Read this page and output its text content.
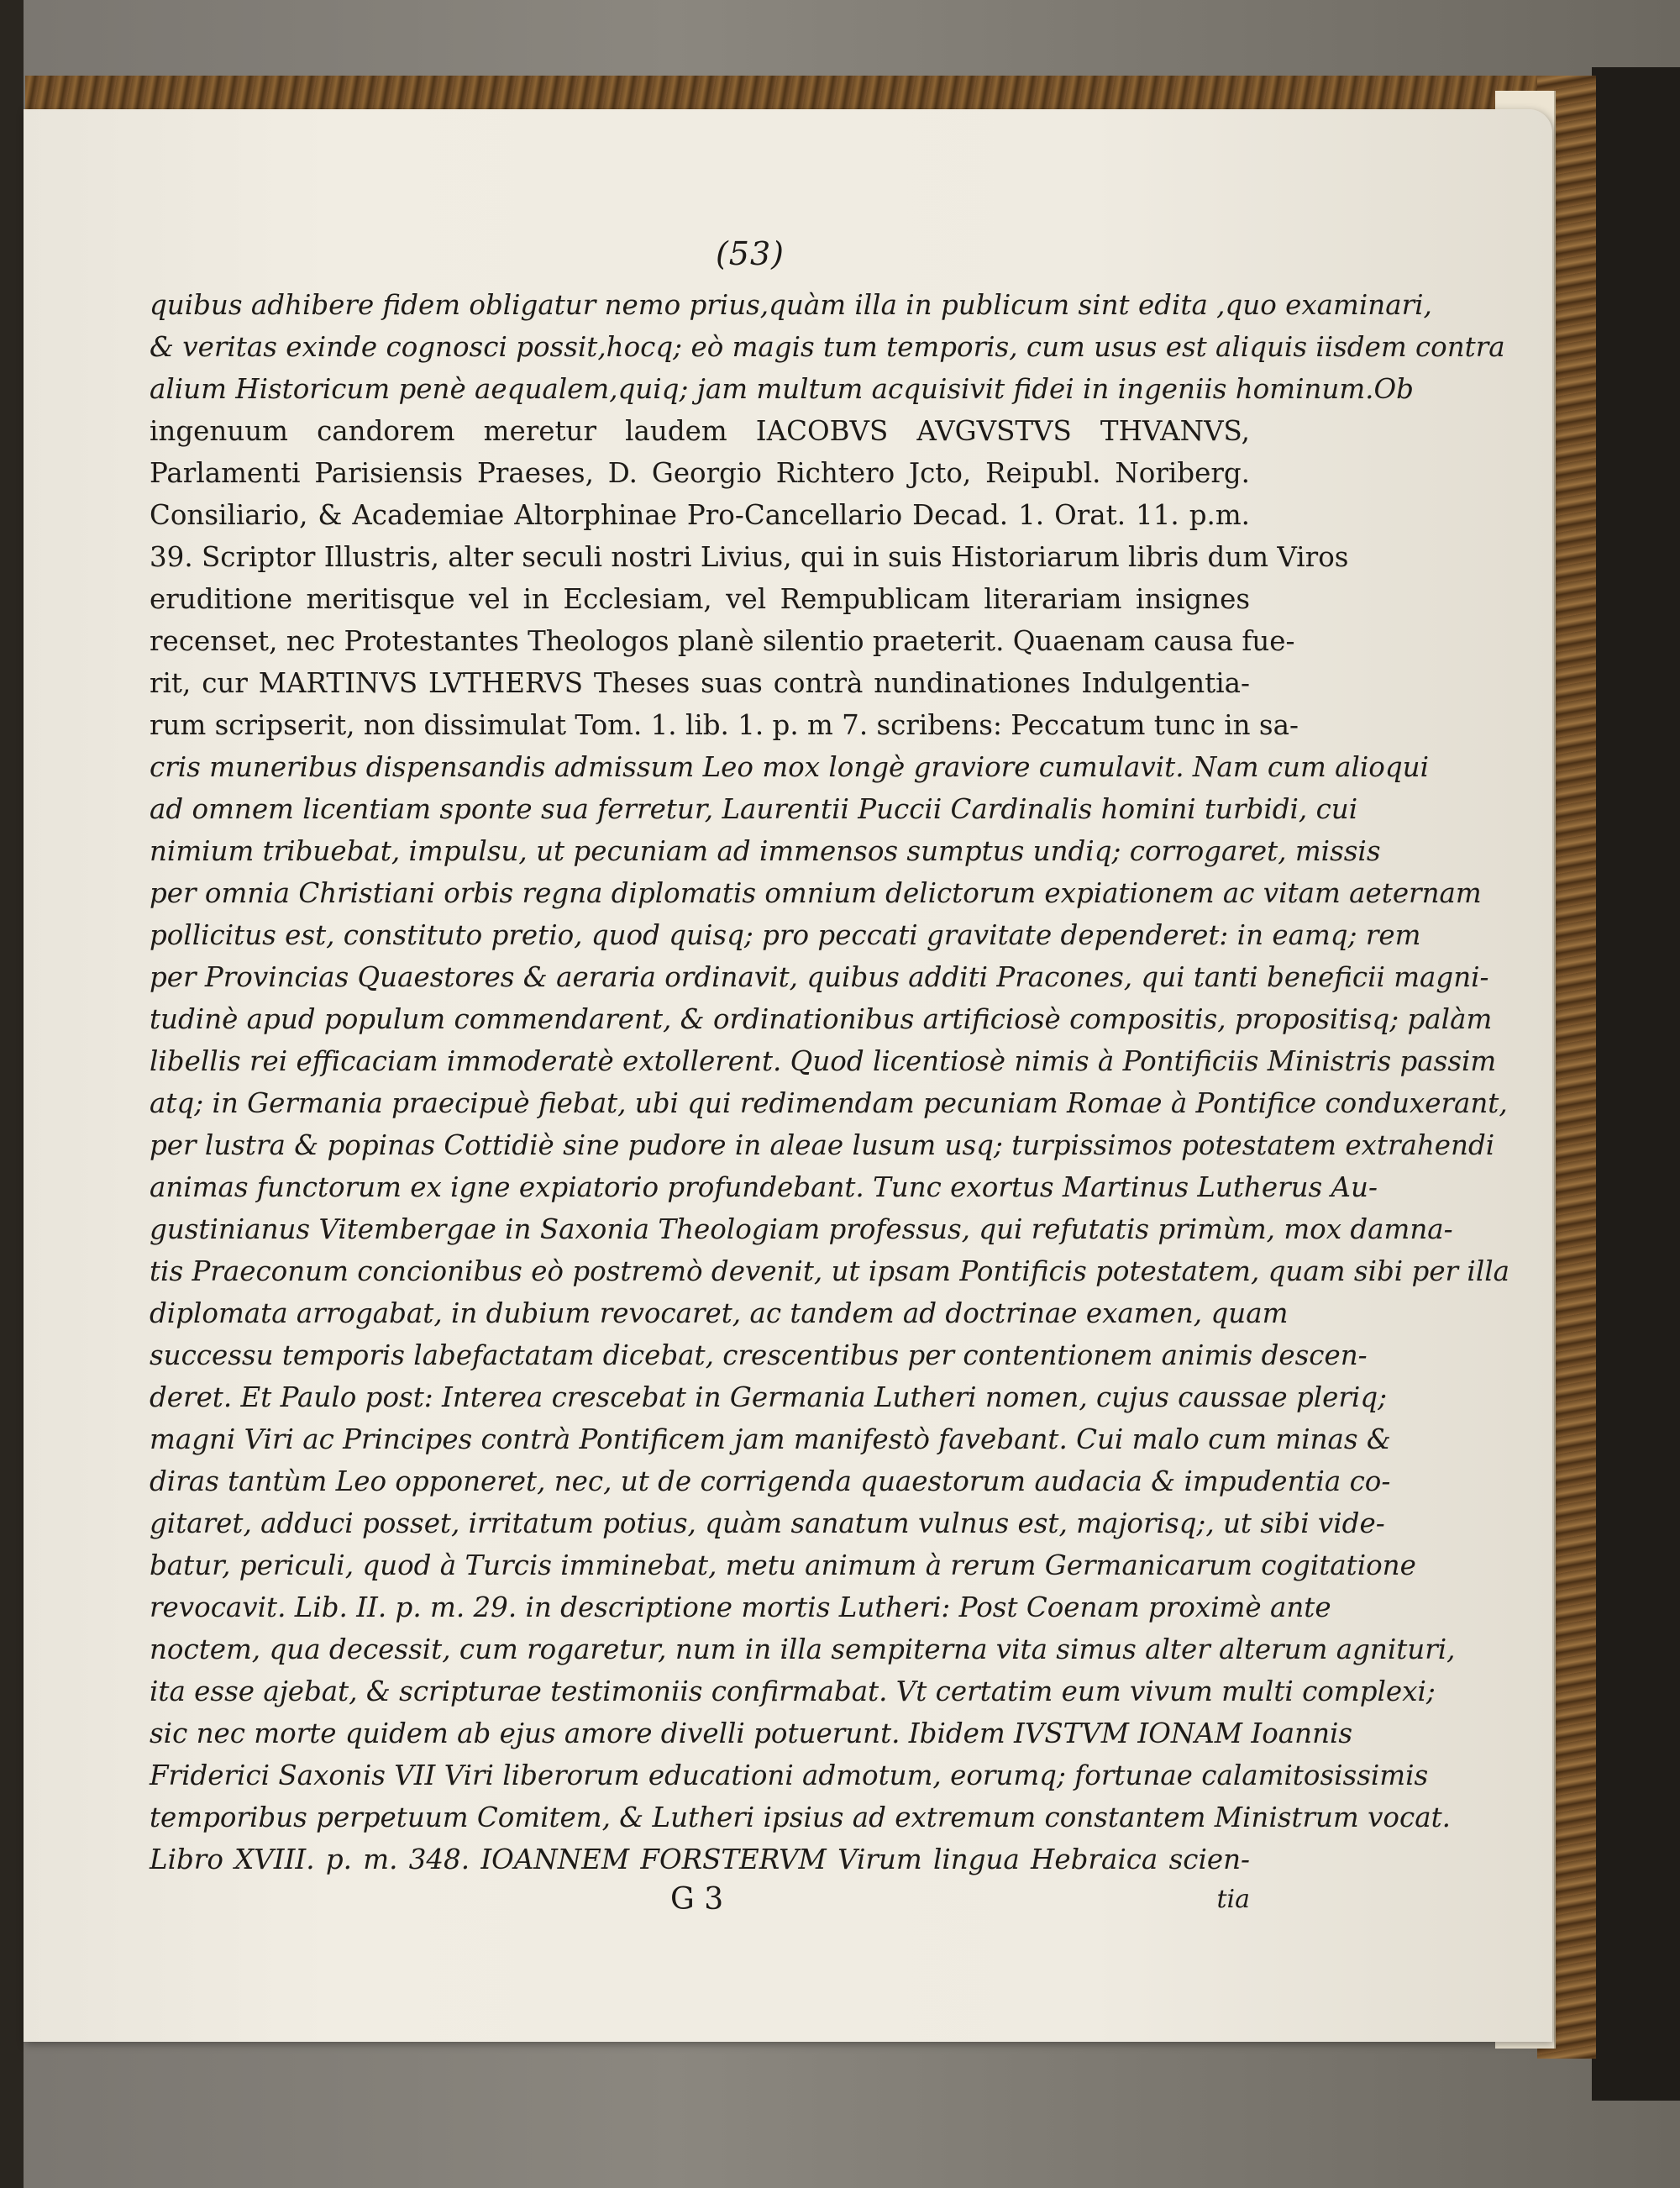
(53)
quibus adhibere fidem obligatur nemo prius,quàm illa in publicum sint edita ,quo examinari,
& veritas exinde cognosci possit,hocq; eò magis tum temporis, cum usus est aliquis iisdem contra
alium Historicum penè aequalem,quiq; jam multum acquisivit fidei in ingeniis hominum.Ob
ingenuum candorem meretur laudem IACOBVS AVGVSTVS THVANVS,
Parlamenti Parisiensis Praeses, D. Georgio Richtero Jcto, Reipubl. Noriberg.
Consiliario, & Academiae Altorphinae Pro-Cancellario Decad. 1. Orat. 11. p.m.
39. Scriptor Illustris, alter seculi nostri Livius, qui in suis Historiarum libris dum Viros
eruditione meritisque vel in Ecclesiam, vel Rempublicam literariam insignes
recenset, nec Protestantes Theologos planè silentio praeterit. Quaenam causa fue-
rit, cur MARTINVS LVTHERVS Theses suas contrà nundinationes Indulgentia-
rum scripserit, non dissimulat Tom. 1. lib. 1. p. m 7. scribens: Peccatum tunc in sa-
cris muneribus dispensandis admissum Leo mox longè graviore cumulavit. Nam cum alioqui
ad omnem licentiam sponte sua ferretur, Laurentii Puccii Cardinalis homini turbidi, cui
nimium tribuebat, impulsu, ut pecuniam ad immensos sumptus undiq; corrogaret, missis
per omnia Christiani orbis regna diplomatis omnium delictorum expiationem ac vitam aeternam
pollicitus est, constituto pretio, quod quisq; pro peccati gravitate dependeret: in eamq; rem
per Provincias Quaestores & aeraria ordinavit, quibus additi Pracones, qui tanti beneficii magni-
tudinè apud populum commendarent, & ordinationibus artificiosè compositis, propositisq; palàm
libellis rei efficaciam immoderatè extollerent. Quod licentiosè nimis à Pontificiis Ministris passim
atq; in Germania praecipuè fiebat, ubi qui redimendam pecuniam Romae à Pontifice conduxerant,
per lustra & popinas Cottidiè sine pudore in aleae lusum usq; turpissimos potestatem extrahendi
animas functorum ex igne expiatorio profundebant. Tunc exortus Martinus Lutherus Au-
gustinianus Vitembergae in Saxonia Theologiam professus, qui refutatis primùm, mox damna-
tis Praeconum concionibus eò postremò devenit, ut ipsam Pontificis potestatem, quam sibi per illa
diplomata arrogabat, in dubium revocaret, ac tandem ad doctrinae examen, quam
successu temporis labefactatam dicebat, crescentibus per contentionem animis descen-
deret. Et Paulo post: Interea crescebat in Germania Lutheri nomen, cujus caussae pleriq;
magni Viri ac Principes contrà Pontificem jam manifestò favebant. Cui malo cum minas &
diras tantùm Leo opponeret, nec, ut de corrigenda quaestorum audacia & impudentia co-
gitaret, adduci posset, irritatum potius, quàm sanatum vulnus est, majorisq;, ut sibi vide-
batur, periculi, quod à Turcis imminebat, metu animum à rerum Germanicarum cogitatione
revocavit. Lib. II. p. m. 29. in descriptione mortis Lutheri: Post Coenam proximè ante
noctem, qua decessit, cum rogaretur, num in illa sempiterna vita simus alter alterum agnituri,
ita esse ajebat, & scripturae testimoniis confirmabat. Vt certatim eum vivum multi complexi;
sic nec morte quidem ab ejus amore divelli potuerunt. Ibidem IVSTVM IONAM Ioannis
Friderici Saxonis VII Viri liberorum educationi admotum, eorumq; fortunae calamitosissimis
temporibus perpetuum Comitem, & Lutheri ipsius ad extremum constantem Ministrum vocat.
Libro XVIII. p. m. 348. IOANNEM FORSTERVM Virum lingua Hebraica scien-
G 3	tia
